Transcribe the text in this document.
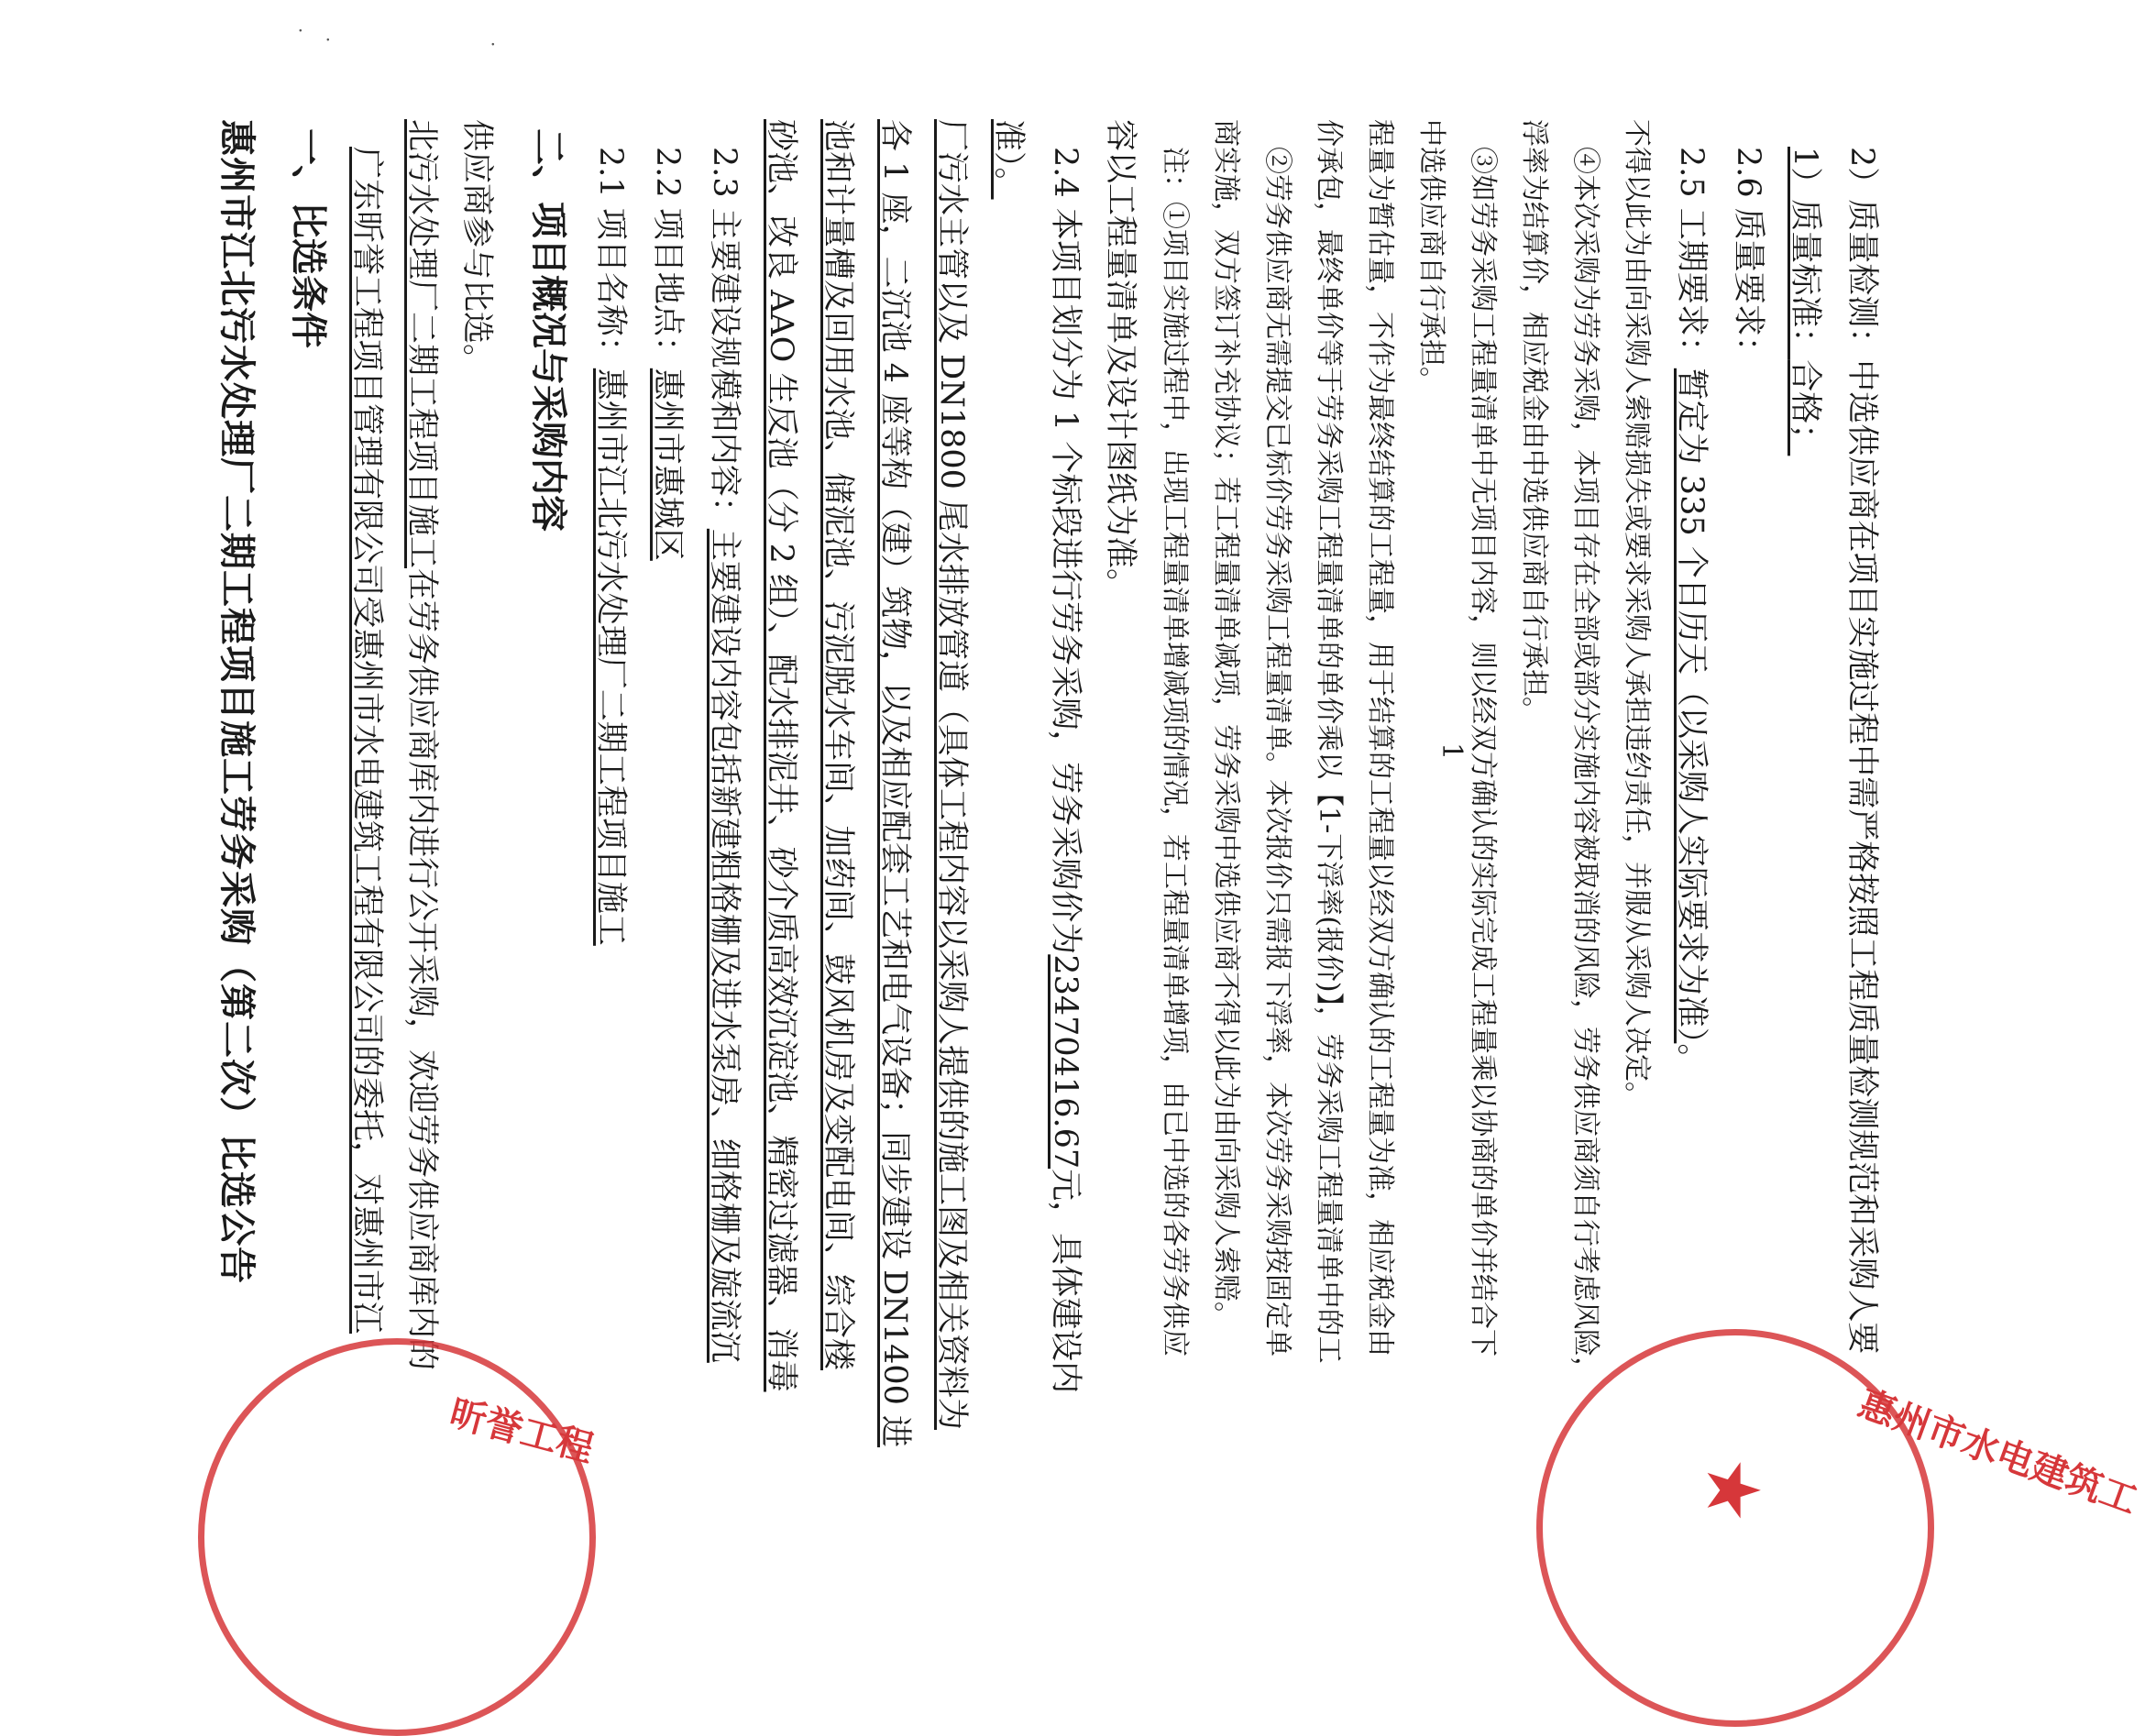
惠州市江北污水处理厂二期工程项目施工劳务采购（第二次）比选公告 一、比选条件 广东昕誉工程项目管理有限公司受惠州市水电建筑工程有限公司的委托，对惠州市江
北污水处理厂二期工程项目施工在劳务供应商库内进行公开采购，欢迎劳务供应商库内的
供应商参与比选。 二、项目概况与采购内容 2.1 项目名称：惠州市江北污水处理厂二期工程项目施工
2.2 项目地点：惠州市惠城区 2.3 主要建设规模和内容：主要建设内容包括新建粗格栅及进水泵房、细格栅及旋流沉 砂池、改良 AAO 生反池（分 2 组）、配水排泥井、砂介质高效沉淀池、精密过滤器、消毒 池和计量槽及回用水池、储泥池、污泥脱水车间、加药间、鼓风机房及变配电间、综合楼 各 1 座，二沉池 4 座等构（建）筑物，以及相应配套工艺和电气设备；同步建设 DN1400 进 厂污水主管以及 DN1800 尾水排放管道（具体工程内容以采购人提供的施工图及相关资料为 准）。 2.4 本项目划分为 1 个标段进行劳务采购，劳务采购价为23470416.67元，具体建设内
容以工程量清单及设计图纸为准。 注：①项目实施过程中，出现工程量清单增减项的情况，若工程量清单增项，由已中选的各劳务供应 商实施，双方签订补充协议；若工程量清单减项，劳务采购中选供应商不得以此为由向采购人索赔。 ②劳务供应商无需提交已标价劳务采购工程量清单。本次报价只需报下浮率，本次劳务采购按固定单 价承包，最终单价等于劳务采购工程量清单的单价乘以【1-下浮率(报价)】，劳务采购工程量清单中的工 程量为暂估量，不作为最终结算的工程量，用于结算的工程量以经双方确认的工程量为准，相应税金由 中选供应商自行承担。 ③如劳务采购工程量清单中无项目内容，则以经双方确认的实际完成工程量乘以协商的单价并结合下 浮率为结算价，相应税金由中选供应商自行承担。 ④本次采购为劳务采购，本项目存在全部或部分实施内容被取消的风险，劳务供应商须自行考虑风险， 不得以此为由向采购人索赔损失或要求采购人承担违约责任，并服从采购人决定。 2.5 工期要求：暂定为 335 个日历天（以采购人实际要求为准）。
2.6 质量要求： 1）质量标准：合格； 2）质量检测：中选供应商在项目实施过程中需严格按照工程质量检测规范和采购人要
1
★ 惠州市水电建筑工
昕誉工程
·
·
·
